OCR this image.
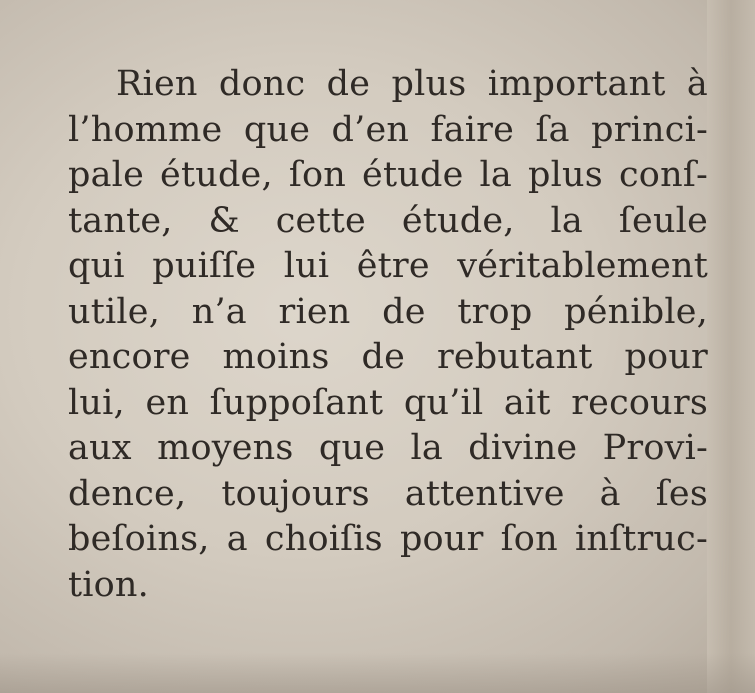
Rien donc de plus important à
l’homme que d’en faire ſa princi-
pale étude, ſon étude la plus conſ-
tante, & cette étude, la ſeule
qui puiſſe lui être véritablement
utile, n’a rien de trop pénible,
encore moins de rebutant pour
lui, en ſuppoſant qu’il ait recours
aux moyens que la divine Provi-
dence, toujours attentive à ſes
beſoins, a choiſis pour ſon inſtruc-
tion.
